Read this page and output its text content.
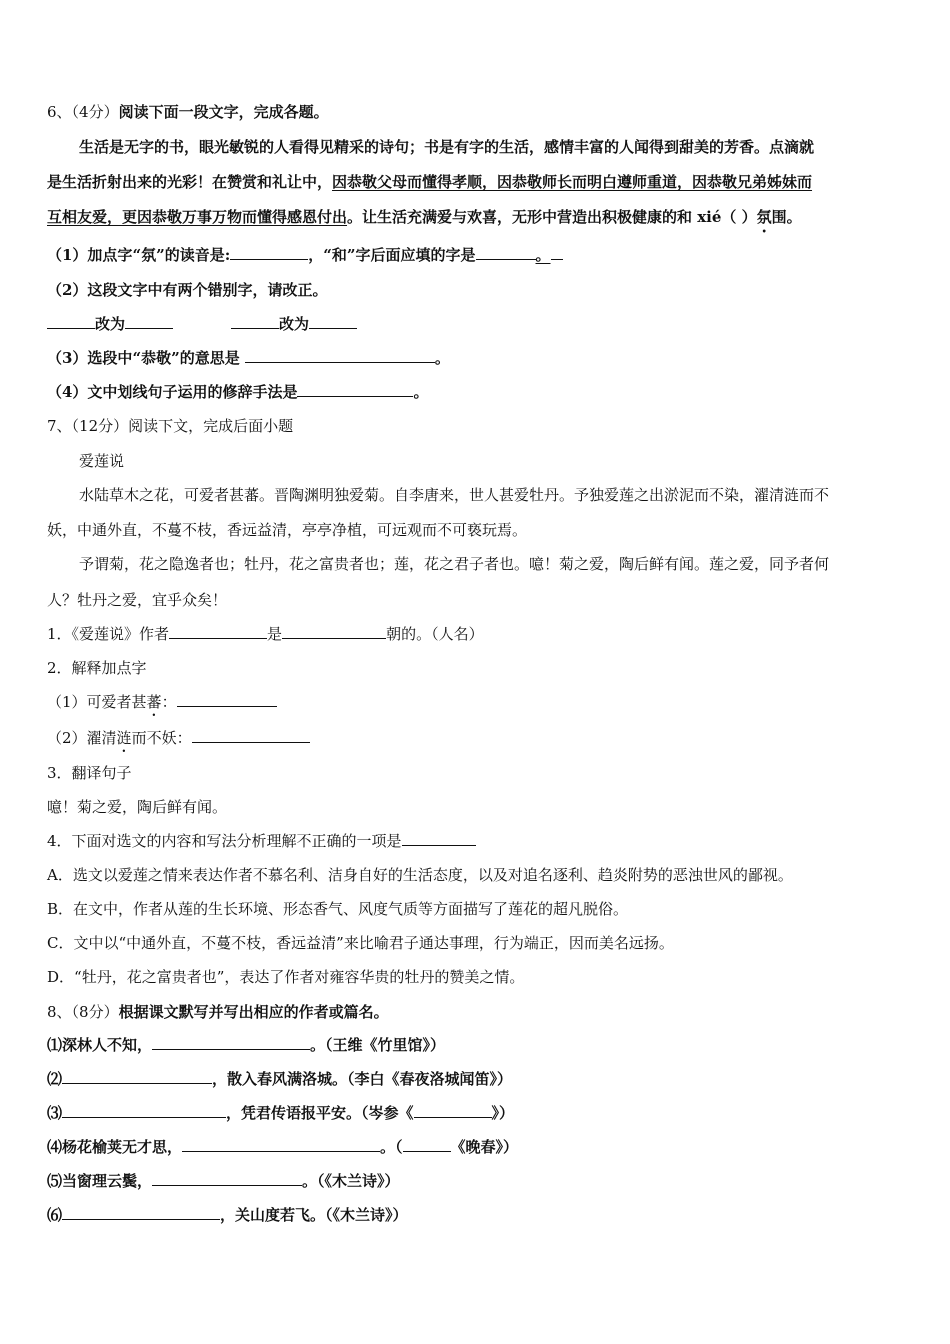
6、（4分）阅读下面一段文字，完成各题。
生活是无字的书，眼光敏锐的人看得见精采的诗句；书是有字的生活，感情丰富的人闻得到甜美的芳香。点滴就
是生活折射出来的光彩！在赞赏和礼让中，因恭敬父母而懂得孝顺，因恭敬师长而明白遵师重道，因恭敬兄弟姊妹而
互相友爱，更因恭敬万事万物而懂得感恩付出。让生活充满爱与欢喜，无形中营造出积极健康的和 xié（ ）氛围。
（1）加点字“氛”的读音是:	，“和”字后面应填的字是	。
（2）这段文字中有两个错别字，请改正。
改为	改为
（3）选段中“恭敬”的意思是	。
（4）文中划线句子运用的修辞手法是	。
7、（12分）阅读下文，完成后面小题
爱莲说
水陆草木之花，可爱者甚蕃。晋陶渊明独爱菊。自李唐来，世人甚爱牡丹。予独爱莲之出淤泥而不染，濯清涟而不
妖，中通外直，不蔓不枝，香远益清，亭亭净植，可远观而不可亵玩焉。
予谓菊，花之隐逸者也；牡丹，花之富贵者也；莲，花之君子者也。噫！菊之爱，陶后鲜有闻。莲之爱，同予者何
人？牡丹之爱，宜乎众矣！
1．《爱莲说》作者	是	朝的。（人名）
2．解释加点字
（1）可爱者甚蕃：
（2）濯清涟而不妖：
3．翻译句子
噫！菊之爱，陶后鲜有闻。
4．下面对选文的内容和写法分析理解不正确的一项是
A．选文以爱莲之情来表达作者不慕名利、洁身自好的生活态度，以及对追名逐利、趋炎附势的恶浊世风的鄙视。
B．在文中，作者从莲的生长环境、形态香气、风度气质等方面描写了莲花的超凡脱俗。
C．文中以“中通外直，不蔓不枝，香远益清”来比喻君子通达事理，行为端正，因而美名远扬。
D．“牡丹，花之富贵者也”，表达了作者对雍容华贵的牡丹的赞美之情。
8、（8分）根据课文默写并写出相应的作者或篇名。
⑴深林人不知，	。（王维《竹里馆》）
⑵	，散入春风满洛城。（李白《春夜洛城闻笛》）
⑶	，凭君传语报平安。（岑参《	》）
⑷杨花榆荚无才思，	。（	《晚春》）
⑸当窗理云鬓，	。（《木兰诗》）
⑹	，关山度若飞。（《木兰诗》）
